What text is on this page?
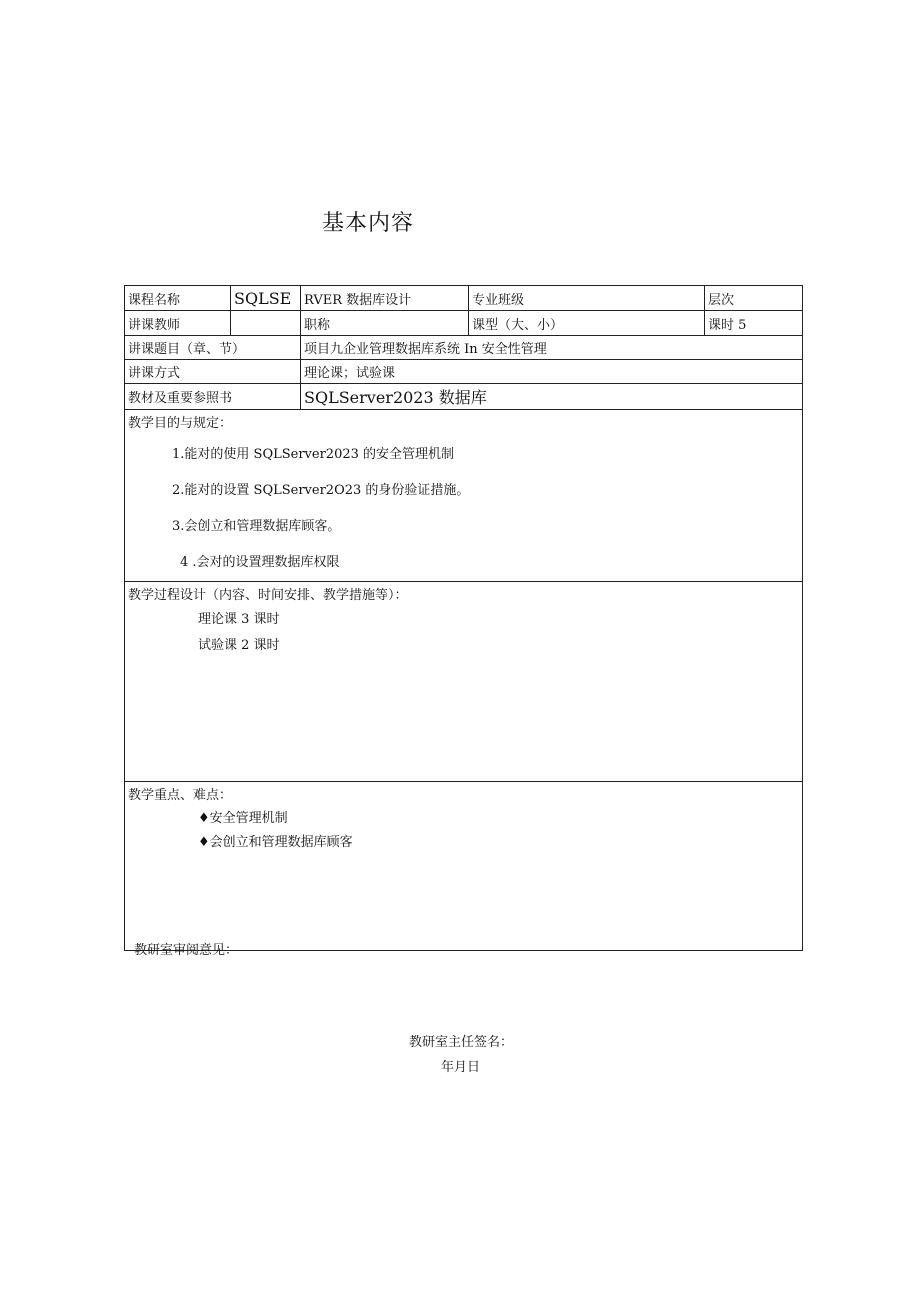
基本内容
课程名称	SQLSE	RVER 数据库设计	专业班级	层次
讲课教师		职称	课型（大、小）	课时 5
讲课题目（章、节）		项目九企业管理数据库系统 In 安全性管理		
讲课方式		理论课；试验课		
教材及重要参照书		SQLServer2023 数据库		

教学目的与规定：
1.能对的使用 SQLServer2023 的安全管理机制
2.能对的设置 SQLServer2O23 的身份验证措施。
3.会创立和管理数据库顾客。
4 .会对的设置理数据库权限				

教学过程设计（内容、时间安排、教学措施等）：
理论课 3 课时
试验课 2 课时				

教学重点、难点：
♦安全管理机制
♦会创立和管理数据库顾客				
教研室审阅意见：
教研室主任签名：
年月日
